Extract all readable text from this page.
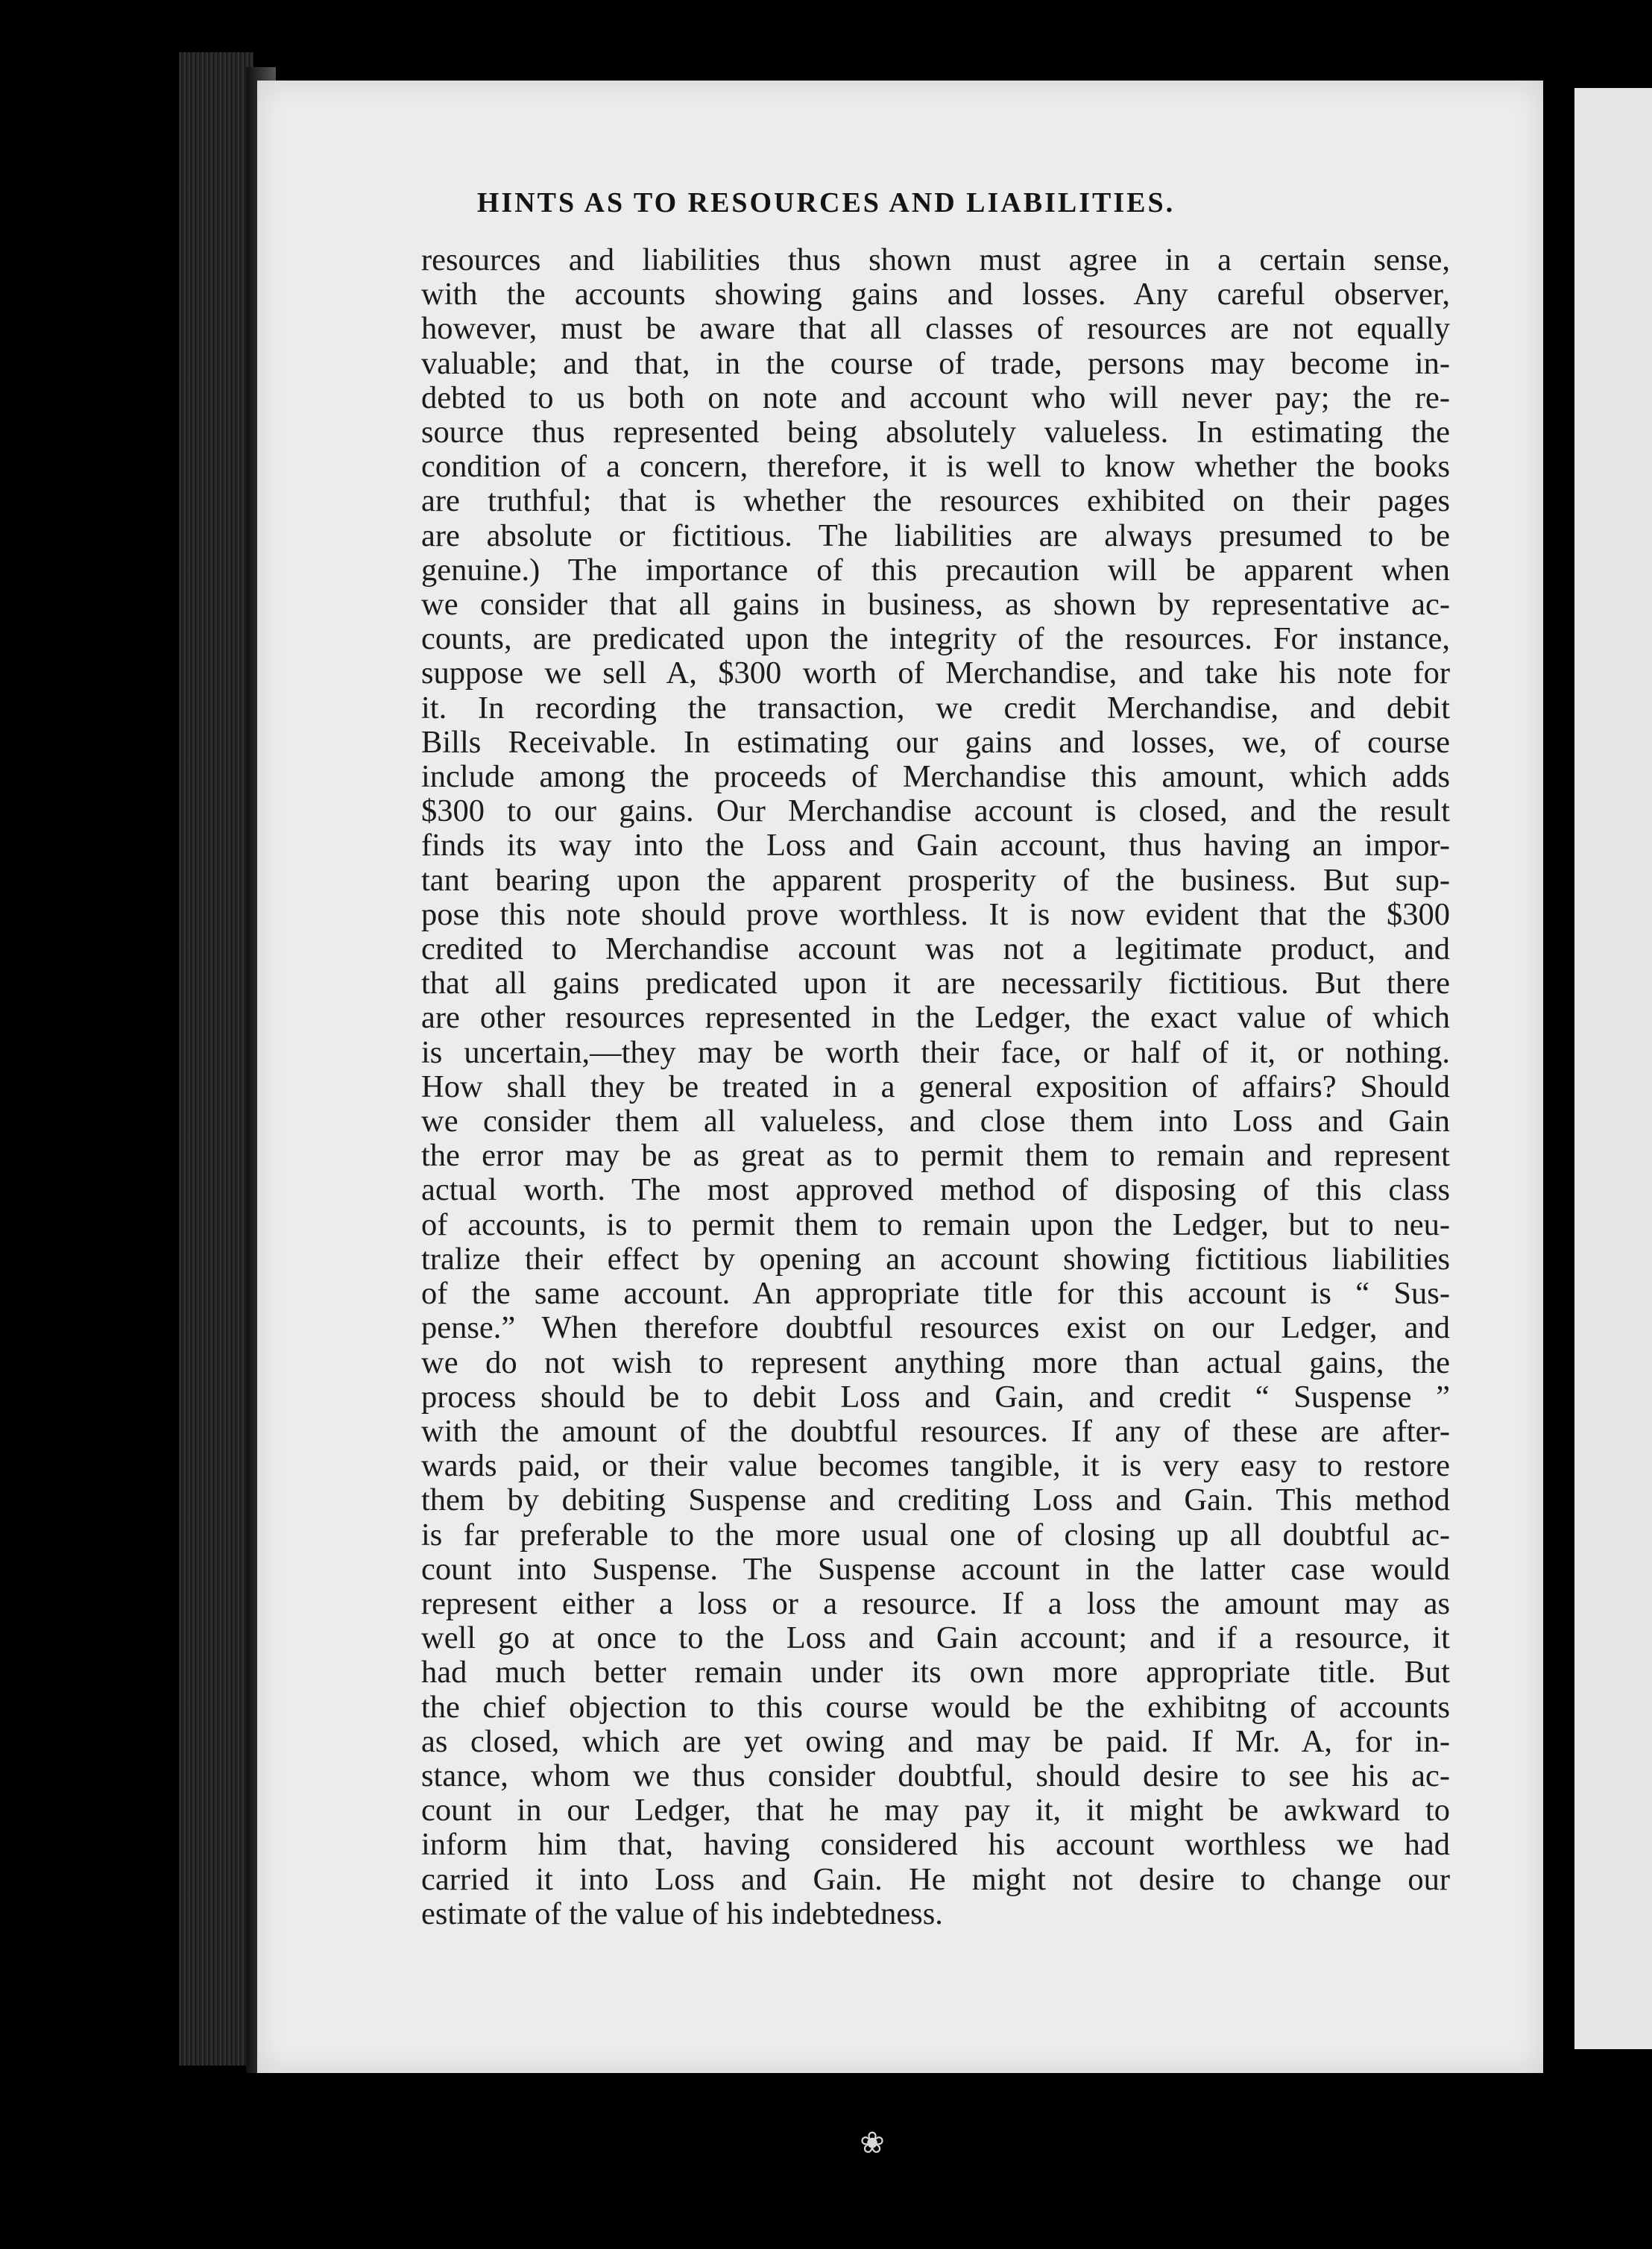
HINTS AS TO RESOURCES AND LIABILITIES.
resources and liabilities thus shown must agree in a certain sense,
with the accounts showing gains and losses. Any careful observer,
however, must be aware that all classes of resources are not equally
valuable; and that, in the course of trade, persons may become in-
debted to us both on note and account who will never pay; the re-
source thus represented being absolutely valueless. In estimating the
condition of a concern, therefore, it is well to know whether the books
are truthful; that is whether the resources exhibited on their pages
are absolute or fictitious. The liabilities are always presumed to be
genuine.) The importance of this precaution will be apparent when
we consider that all gains in business, as shown by representative ac-
counts, are predicated upon the integrity of the resources. For instance,
suppose we sell A, $300 worth of Merchandise, and take his note for
it. In recording the transaction, we credit Merchandise, and debit
Bills Receivable. In estimating our gains and losses, we, of course
include among the proceeds of Merchandise this amount, which adds
$300 to our gains. Our Merchandise account is closed, and the result
finds its way into the Loss and Gain account, thus having an impor-
tant bearing upon the apparent prosperity of the business. But sup-
pose this note should prove worthless. It is now evident that the $300
credited to Merchandise account was not a legitimate product, and
that all gains predicated upon it are necessarily fictitious. But there
are other resources represented in the Ledger, the exact value of which
is uncertain,—they may be worth their face, or half of it, or nothing.
How shall they be treated in a general exposition of affairs? Should
we consider them all valueless, and close them into Loss and Gain
the error may be as great as to permit them to remain and represent
actual worth. The most approved method of disposing of this class
of accounts, is to permit them to remain upon the Ledger, but to neu-
tralize their effect by opening an account showing fictitious liabilities
of the same account. An appropriate title for this account is “ Sus-
pense.” When therefore doubtful resources exist on our Ledger, and
we do not wish to represent anything more than actual gains, the
process should be to debit Loss and Gain, and credit “ Suspense ”
with the amount of the doubtful resources. If any of these are after-
wards paid, or their value becomes tangible, it is very easy to restore
them by debiting Suspense and crediting Loss and Gain. This method
is far preferable to the more usual one of closing up all doubtful ac-
count into Suspense. The Suspense account in the latter case would
represent either a loss or a resource. If a loss the amount may as
well go at once to the Loss and Gain account; and if a resource, it
had much better remain under its own more appropriate title. But
the chief objection to this course would be the exhibitng of accounts
as closed, which are yet owing and may be paid. If Mr. A, for in-
stance, whom we thus consider doubtful, should desire to see his ac-
count in our Ledger, that he may pay it, it might be awkward to
inform him that, having considered his account worthless we had
carried it into Loss and Gain. He might not desire to change our
estimate of the value of his indebtedness.
❀
